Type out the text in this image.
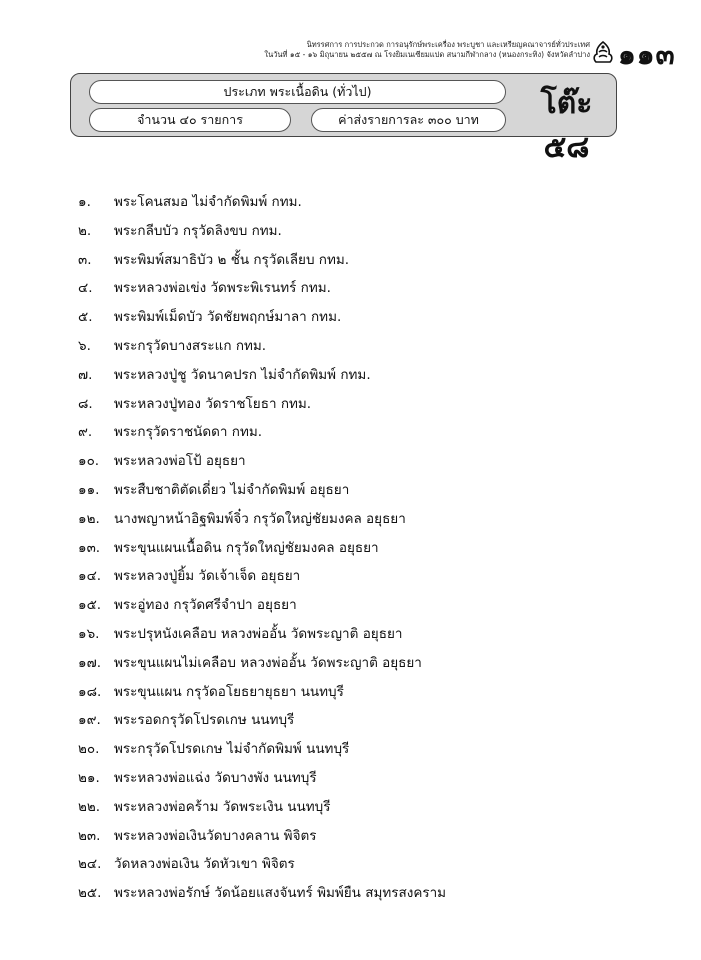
นิทรรศการ การประกวด การอนุรักษ์พระเครื่อง พระบูชา และเหรียญคณาจารย์ทั่วประเทศ
ในวันที่ ๑๕ - ๑๖ มิถุนายน ๒๕๕๗ ณ โรงยิมเนเซียมแปด สนามกีฬากลาง (หนองกระทิง) จังหวัดลำปาง ๑๑๓
ประเภท พระเนื้อดิน (ทั่วไป)
จำนวน ๔๐ รายการ	ค่าส่งรายการละ ๓๐๐ บาท	โต๊ะ ๕๘
๑. พระโคนสมอ ไม่จำกัดพิมพ์ กทม.
๒. พระกลีบบัว กรุวัดลิงขบ กทม.
๓. พระพิมพ์สมาธิบัว ๒ ชั้น กรุวัดเลียบ กทม.
๔. พระหลวงพ่อเข่ง วัดพระพิเรนทร์ กทม.
๕. พระพิมพ์เม็ดบัว วัดชัยพฤกษ์มาลา กทม.
๖. พระกรุวัดบางสระแก กทม.
๗. พระหลวงปู่ชู วัดนาคปรก ไม่จำกัดพิมพ์ กทม.
๘. พระหลวงปู่ทอง วัดราชโยธา กทม.
๙. พระกรุวัดราชนัดดา กทม.
๑๐. พระหลวงพ่อโป้ อยุธยา
๑๑. พระสืบชาติตัดเดี่ยว ไม่จำกัดพิมพ์ อยุธยา
๑๒. นางพญาหน้าอิฐพิมพ์จิ๋ว กรุวัดใหญ่ชัยมงคล อยุธยา
๑๓. พระขุนแผนเนื้อดิน กรุวัดใหญ่ชัยมงคล อยุธยา
๑๔. พระหลวงปู่ยิ้ม วัดเจ้าเจ็ด อยุธยา
๑๕. พระอู่ทอง กรุวัดศรีจำปา อยุธยา
๑๖. พระปรุหนังเคลือบ หลวงพ่ออั้น วัดพระญาติ อยุธยา
๑๗. พระขุนแผนไม่เคลือบ หลวงพ่ออั้น วัดพระญาติ อยุธยา
๑๘. พระขุนแผน กรุวัดอโยธยายุธยา นนทบุรี
๑๙. พระรอดกรุวัดโปรดเกษ นนทบุรี
๒๐. พระกรุวัดโปรดเกษ ไม่จำกัดพิมพ์ นนทบุรี
๒๑. พระหลวงพ่อแฉ่ง วัดบางพัง นนทบุรี
๒๒. พระหลวงพ่อคร้าม วัดพระเงิน นนทบุรี
๒๓. พระหลวงพ่อเงินวัดบางคลาน พิจิตร
๒๔. วัดหลวงพ่อเงิน วัดหัวเขา พิจิตร
๒๕. พระหลวงพ่อรักษ์ วัดน้อยแสงจันทร์ พิมพ์ยืน สมุทรสงคราม
